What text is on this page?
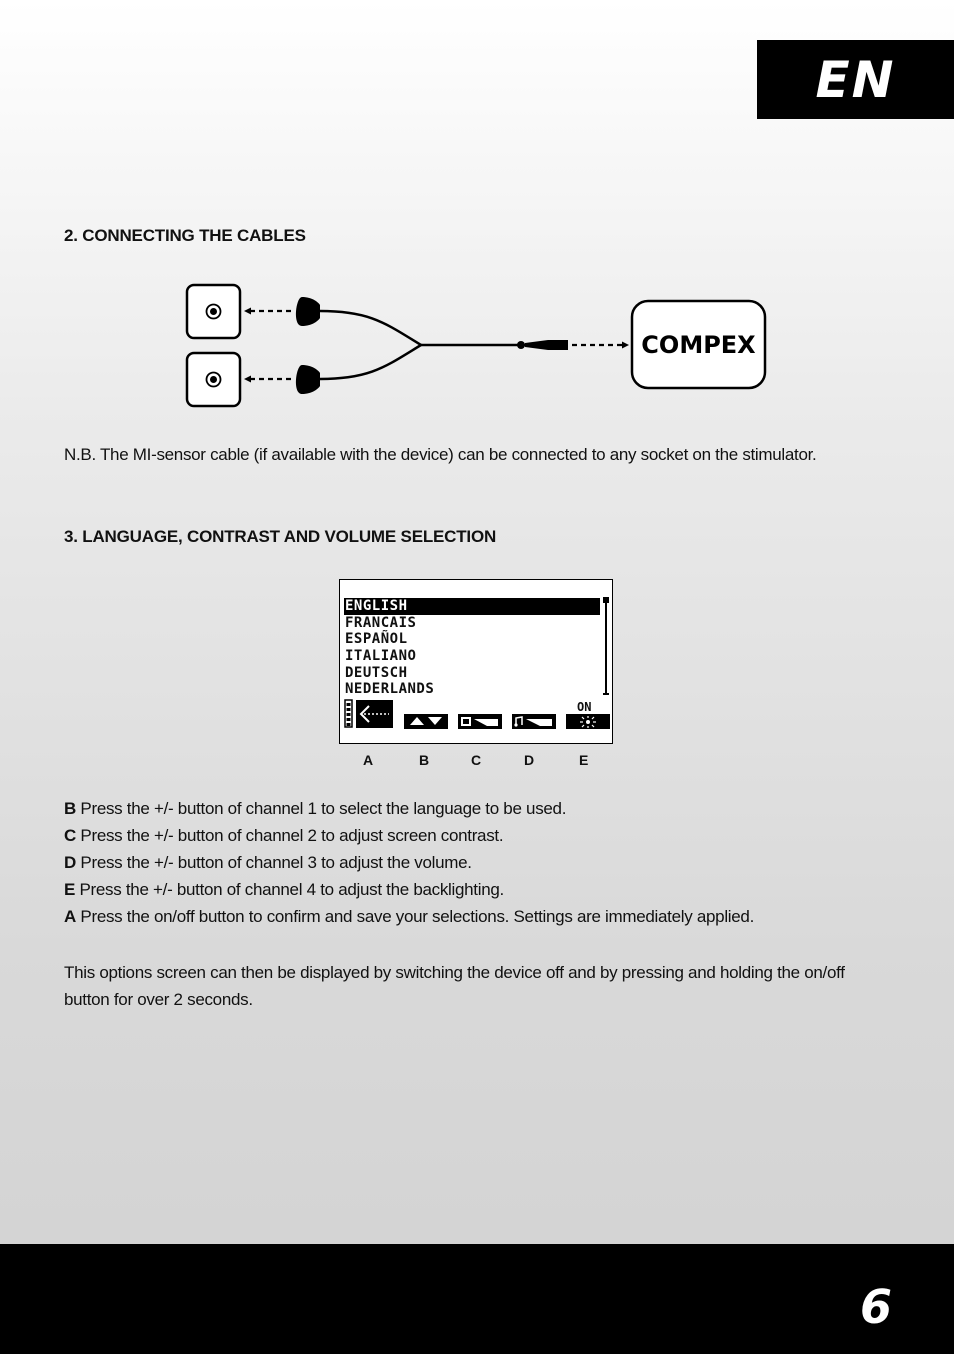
EN
2. CONNECTING THE CABLES
COMPEX

N.B. The MI-sensor cable (if available with the device) can be connected to any socket on the stimulator.

3. LANGUAGE, CONTRAST AND VOLUME SELECTION
ENGLISH
FRANCAIS
ESPAÑOL
ITALIANO
DEUTSCH
NEDERLANDS
ON
A	B	C	D	E
B Press the +/- button of channel 1 to select the language to be used.
C Press the +/- button of channel 2 to adjust screen contrast.
D Press the +/- button of channel 3 to adjust the volume.
E Press the +/- button of channel 4 to adjust the backlighting.
A Press the on/off button to confirm and save your selections. Settings are immediately applied.

This options screen can then be displayed by switching the device off and by pressing and holding the on/off button for over 2 seconds.

6
